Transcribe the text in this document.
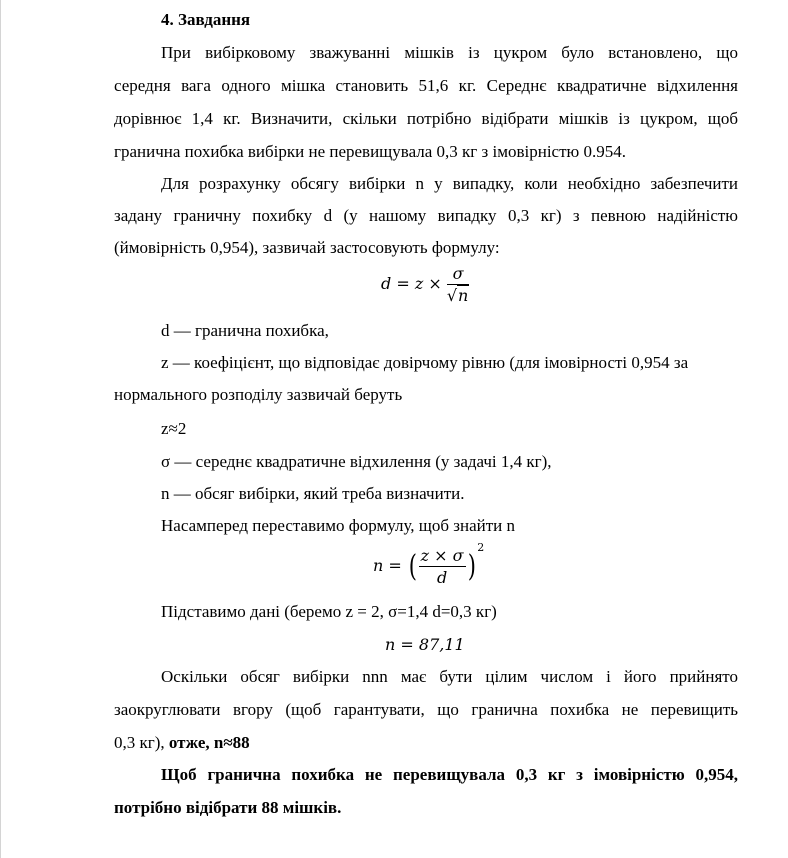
4. Завдання
При вибірковому зважуванні мішків із цукром було встановлено, що
середня вага одного мішка становить 51,6 кг. Середнє квадратичне відхилення
дорівнює 1,4 кг. Визначити, скільки потрібно відібрати мішків із цукром, щоб
гранична похибка вибірки не перевищувала 0,3 кг з імовірністю 0.954.
Для розрахунку обсягу вибірки n у випадку, коли необхідно забезпечити
задану граничну похибку d (у нашому випадку 0,3 кг) з певною надійністю
(ймовірність 0,954), зазвичай застосовують формулу:
$d = z \times \frac{\sigma}{√n}$
d — гранична похибка,
z — коефіцієнт, що відповідає довірчому рівню (для імовірності 0,954 за
нормального розподілу зазвичай беруть
z≈2
σ — середнє квадратичне відхилення (у задачі 1,4 кг),
n — обсяг вибірки, який треба визначити.
Насамперед переставимо формулу, щоб знайти n
n = ( $\frac{z \times \sigma}{d} )^2$
Підставимо дані (беремо z = 2, σ=1,4 d=0,3 кг)
n = 87,11
Оскільки обсяг вибірки nnn має бути цілим числом і його прийнято
заокруглювати вгору (щоб гарантувати, що гранична похибка не перевищить
0,3 кг), отже, n≈88
Щоб гранична похибка не перевищувала 0,3 кг з імовірністю 0,954,
потрібно відібрати 88 мішків.
